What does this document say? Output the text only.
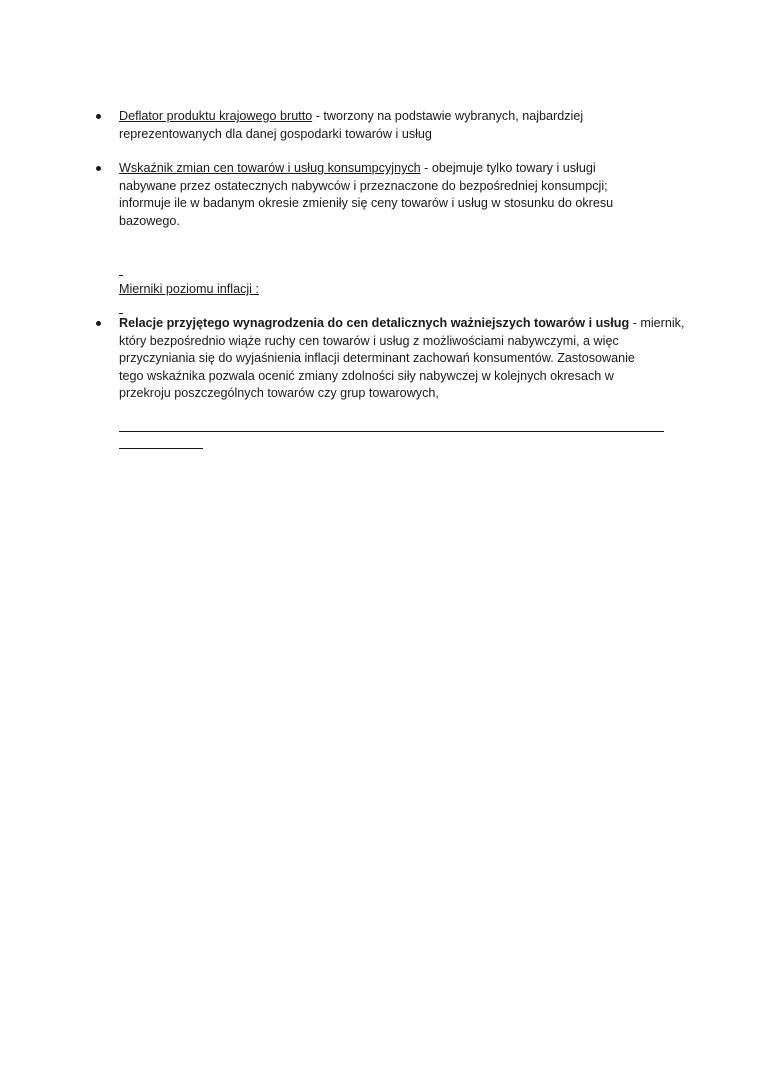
Deflator produktu krajowego brutto - tworzony na podstawie wybranych, najbardziej
reprezentowanych dla danej gospodarki towarów i usług
Wskaźnik zmian cen towarów i usług konsumpcyjnych - obejmuje tylko towary i usługi
nabywane przez ostatecznych nabywców i przeznaczone do bezpośredniej konsumpcji;
informuje ile w badanym okresie zmieniły się ceny towarów i usług w stosunku do okresu
bazowego.
Mierniki poziomu inflacji :
Relacje przyjętego wynagrodzenia do cen detalicznych ważniejszych towarów i usług - miernik,
który bezpośrednio wiąże ruchy cen towarów i usług z możliwościami nabywczymi, a więc
przyczyniania się do wyjaśnienia inflacji determinant zachowań konsumentów. Zastosowanie
tego wskaźnika pozwala ocenić zmiany zdolności siły nabywczej w kolejnych okresach w
przekroju poszczególnych towarów czy grup towarowych,
